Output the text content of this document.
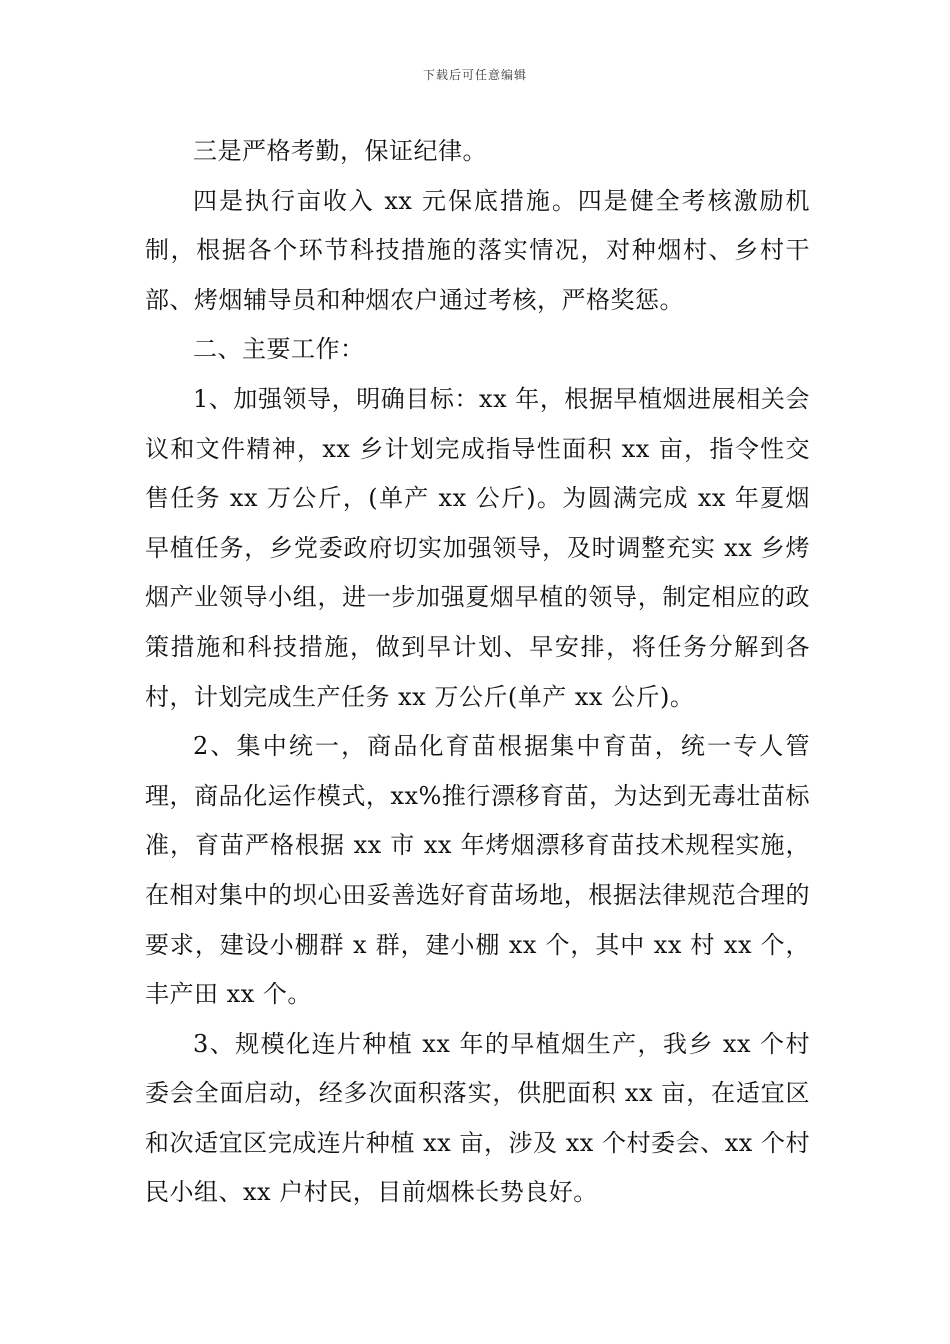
下载后可任意编辑

三是严格考勤，保证纪律。

四是执行亩收入 xx 元保底措施。四是健全考核激励机制，根据各个环节科技措施的落实情况，对种烟村、乡村干部、烤烟辅导员和种烟农户通过考核，严格奖惩。

二、主要工作：

1、加强领导，明确目标：xx 年，根据早植烟进展相关会议和文件精神，xx 乡计划完成指导性面积 xx 亩，指令性交售任务 xx 万公斤，(单产 xx 公斤)。为圆满完成 xx 年夏烟早植任务，乡党委政府切实加强领导，及时调整充实 xx 乡烤烟产业领导小组，进一步加强夏烟早植的领导，制定相应的政策措施和科技措施，做到早计划、早安排，将任务分解到各村，计划完成生产任务 xx 万公斤(单产 xx 公斤)。

2、集中统一，商品化育苗根据集中育苗，统一专人管理，商品化运作模式，xx%推行漂移育苗，为达到无毒壮苗标准，育苗严格根据 xx 市 xx 年烤烟漂移育苗技术规程实施，在相对集中的坝心田妥善选好育苗场地，根据法律规范合理的要求，建设小棚群 x 群，建小棚 xx 个，其中 xx 村 xx 个，丰产田 xx 个。

3、规模化连片种植 xx 年的早植烟生产，我乡 xx 个村委会全面启动，经多次面积落实，供肥面积 xx 亩，在适宜区和次适宜区完成连片种植 xx 亩，涉及 xx 个村委会、xx 个村民小组、xx 户村民，目前烟株长势良好。
